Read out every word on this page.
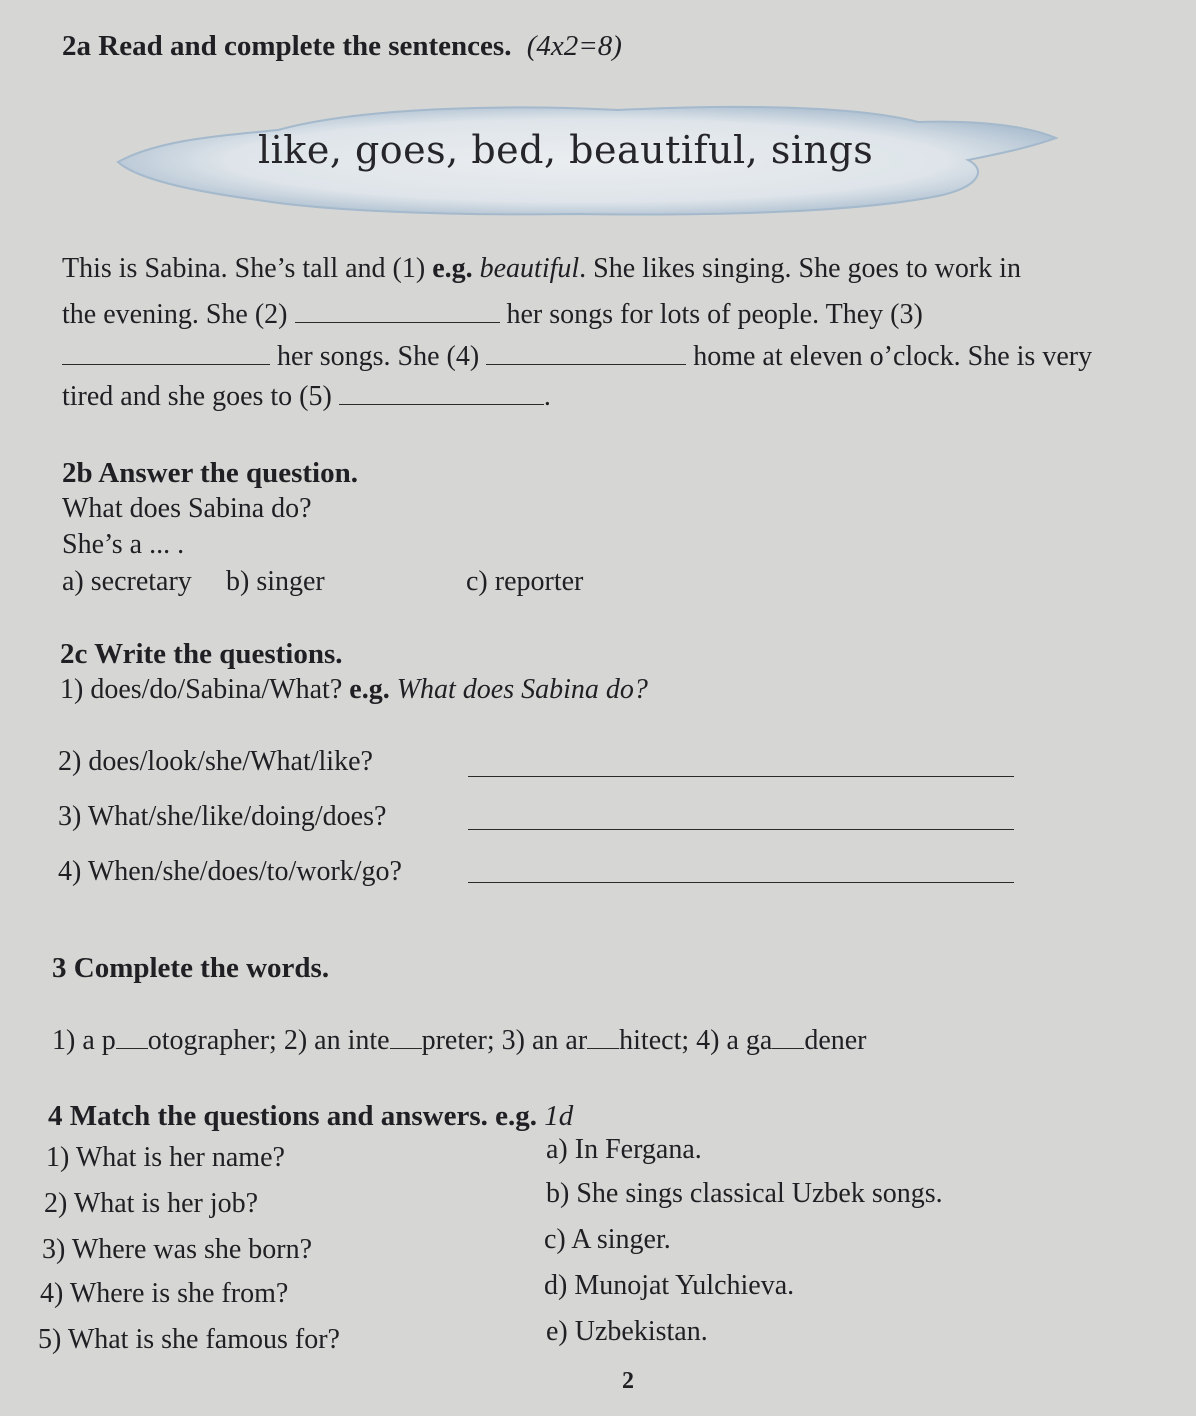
2a Read and complete the sentences. (4x2=8)
like, goes, bed, beautiful, sings
This is Sabina. She’s tall and (1) e.g. beautiful. She likes singing. She goes to work in
the evening. She (2)	her songs for lots of people. They (3)
her songs. She (4)	home at eleven o’clock. She is very
tired and she goes to (5)	.
2b Answer the question.
What does Sabina do?
She’s a ... .
a) secretary b) singer	c) reporter
2c Write the questions.
1) does/do/Sabina/What? e.g. What does Sabina do?
2) does/look/she/What/like?
3) What/she/like/doing/does?
4) When/she/does/to/work/go?
3 Complete the words.
1) a p otographer; 2) an inte preter; 3) an ar hitect; 4) a ga dener
4 Match the questions and answers. e.g. 1d
1) What is her name?
2) What is her job?
3) Where was she born?
4) Where is she from?
5) What is she famous for?
a) In Fergana.
b) She sings classical Uzbek songs.
c) A singer.
d) Munojat Yulchieva.
e) Uzbekistan.
2
